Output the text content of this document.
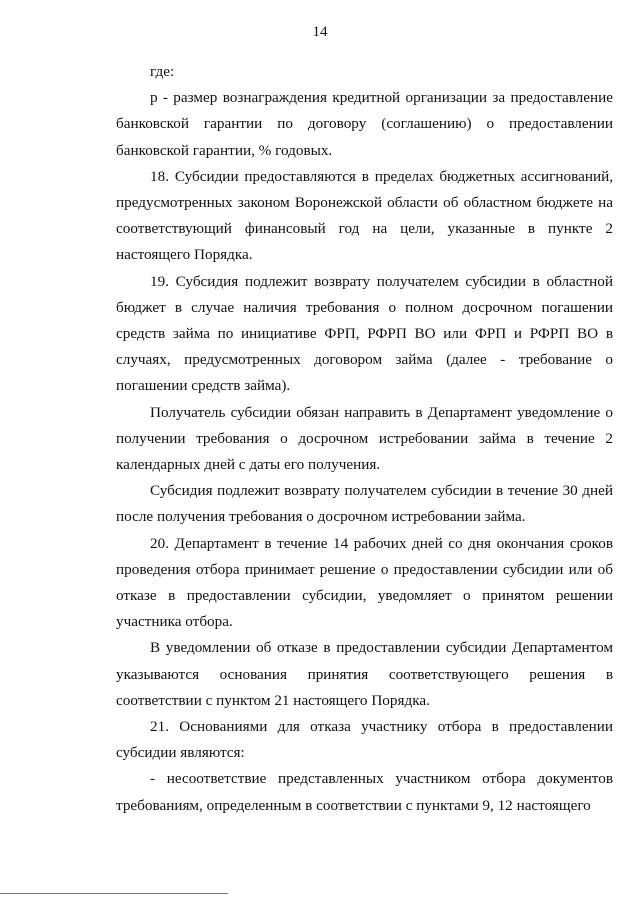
14

где:

р - размер вознаграждения кредитной организации за предоставление банковской гарантии по договору (соглашению) о предоставлении банковской гарантии, % годовых.

18. Субсидии предоставляются в пределах бюджетных ассигнований, предусмотренных законом Воронежской области об областном бюджете на соответствующий финансовый год на цели, указанные в пункте 2 настоящего Порядка.

19. Субсидия подлежит возврату получателем субсидии в областной бюджет в случае наличия требования о полном досрочном погашении средств займа по инициативе ФРП, РФРП ВО или ФРП и РФРП ВО в случаях, предусмотренных договором займа (далее - требование о погашении средств займа).

Получатель субсидии обязан направить в Департамент уведомление о получении требования о досрочном истребовании займа в течение 2 календарных дней с даты его получения.

Субсидия подлежит возврату получателем субсидии в течение 30 дней после получения требования о досрочном истребовании займа.

20. Департамент в течение 14 рабочих дней со дня окончания сроков проведения отбора принимает решение о предоставлении субсидии или об отказе в предоставлении субсидии, уведомляет о принятом решении участника отбора.

В уведомлении об отказе в предоставлении субсидии Департаментом указываются основания принятия соответствующего решения в соответствии с пунктом 21 настоящего Порядка.

21. Основаниями для отказа участнику отбора в предоставлении субсидии являются:

- несоответствие представленных участником отбора документов требованиям, определенным в соответствии с пунктами 9, 12 настоящего
